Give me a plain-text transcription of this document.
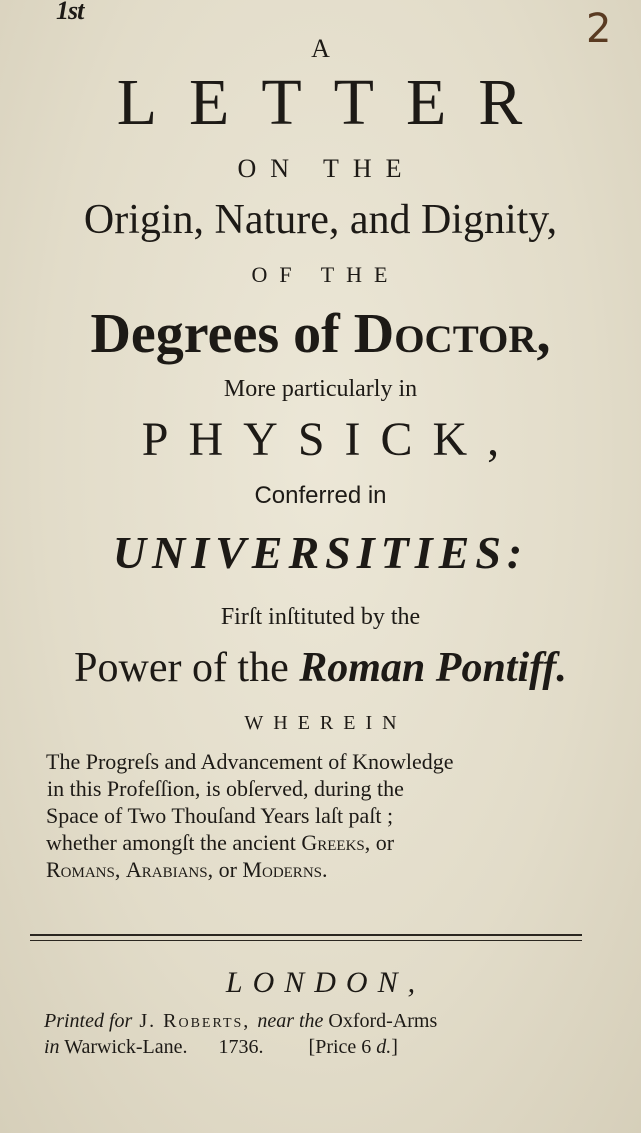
1st	2
A
LETTER
ON THE
Origin, Nature, and Dignity,
OF THE
Degrees of Doctor,
More particularly in
PHYSICK,
Conferred in
UNIVERSITIES:
Firſt inſtituted by the
Power of the Roman Pontiff.
WHEREIN
The Progreſs and Advancement of Knowledge
in this Profeſſion, is obſerved, during the
Space of Two Thouſand Years laſt paſt ;
whether amongſt the ancient Greeks, or
Romans, Arabians, or Moderns.
LONDON,
Printed for J. Roberts, near the Oxford-Arms
in Warwick-Lane. 1736. [Price 6 d.]
